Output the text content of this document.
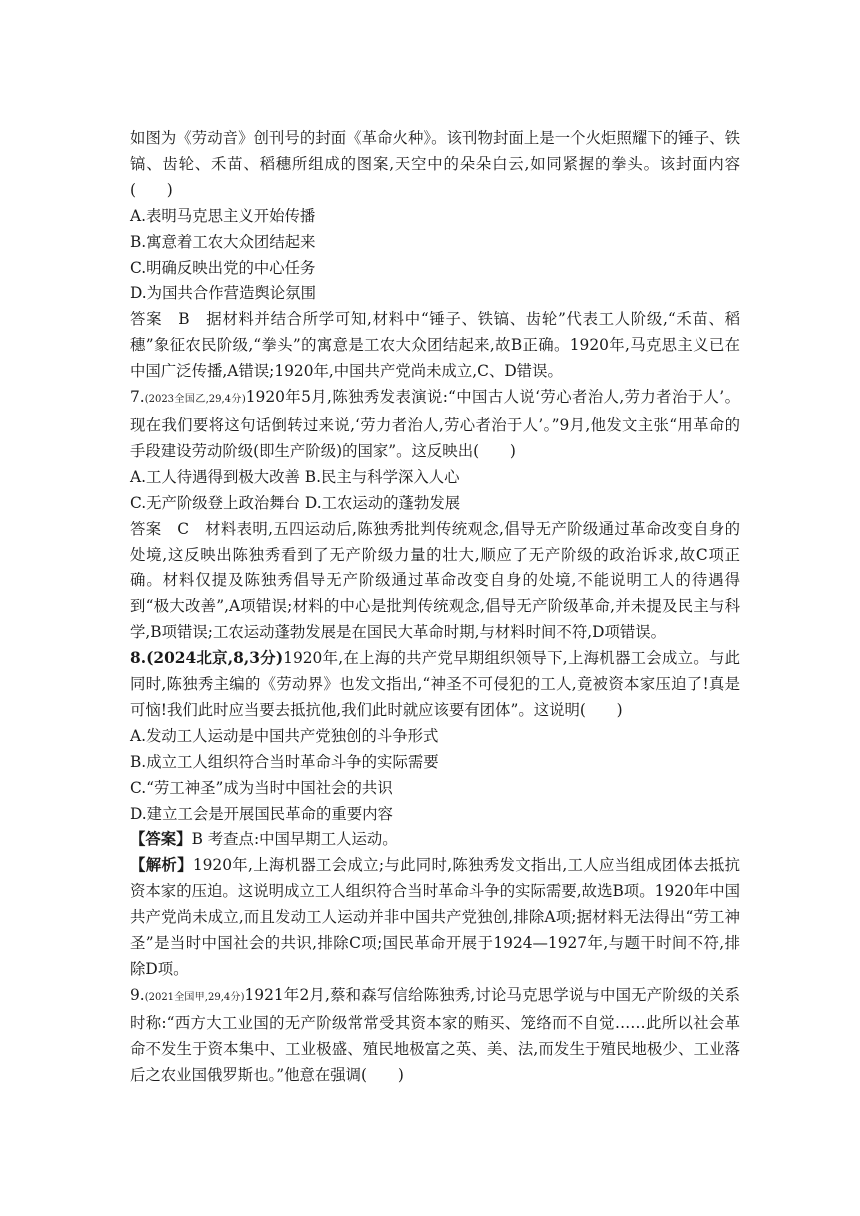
如图为《劳动音》创刊号的封面《革命火种》。该刊物封面上是一个火炬照耀下的锤子、铁镐、齿轮、禾苗、稻穗所组成的图案,天空中的朵朵白云,如同紧握的拳头。该封面内容(　　)

A.表明马克思主义开始传播

B.寓意着工农大众团结起来

C.明确反映出党的中心任务

D.为国共合作营造舆论氛围

答案　B　据材料并结合所学可知,材料中“锤子、铁镐、齿轮”代表工人阶级,“禾苗、稻穗”象征农民阶级,“拳头”的寓意是工农大众团结起来,故B正确。1920年,马克思主义已在中国广泛传播,A错误;1920年,中国共产党尚未成立,C、D错误。

7.(2023全国乙,29,4分)1920年5月,陈独秀发表演说:“中国古人说‘劳心者治人,劳力者治于人’。现在我们要将这句话倒转过来说,‘劳力者治人,劳心者治于人’。”9月,他发文主张“用革命的手段建设劳动阶级(即生产阶级)的国家”。这反映出(　　)

A.工人待遇得到极大改善 B.民主与科学深入人心

C.无产阶级登上政治舞台 D.工农运动的蓬勃发展

答案　C　材料表明,五四运动后,陈独秀批判传统观念,倡导无产阶级通过革命改变自身的处境,这反映出陈独秀看到了无产阶级力量的壮大,顺应了无产阶级的政治诉求,故C项正确。材料仅提及陈独秀倡导无产阶级通过革命改变自身的处境,不能说明工人的待遇得到“极大改善”,A项错误;材料的中心是批判传统观念,倡导无产阶级革命,并未提及民主与科学,B项错误;工农运动蓬勃发展是在国民大革命时期,与材料时间不符,D项错误。

8.(2024北京,8,3分)1920年,在上海的共产党早期组织领导下,上海机器工会成立。与此同时,陈独秀主编的《劳动界》也发文指出,“神圣不可侵犯的工人,竟被资本家压迫了!真是可恼!我们此时应当要去抵抗他,我们此时就应该要有团体”。这说明(　　)

A.发动工人运动是中国共产党独创的斗争形式

B.成立工人组织符合当时革命斗争的实际需要

C.“劳工神圣”成为当时中国社会的共识

D.建立工会是开展国民革命的重要内容

【答案】B 考查点:中国早期工人运动。

【解析】1920年,上海机器工会成立;与此同时,陈独秀发文指出,工人应当组成团体去抵抗资本家的压迫。这说明成立工人组织符合当时革命斗争的实际需要,故选B项。1920年中国共产党尚未成立,而且发动工人运动并非中国共产党独创,排除A项;据材料无法得出“劳工神圣”是当时中国社会的共识,排除C项;国民革命开展于1924—1927年,与题干时间不符,排除D项。

9.(2021全国甲,29,4分)1921年2月,蔡和森写信给陈独秀,讨论马克思学说与中国无产阶级的关系时称:“西方大工业国的无产阶级常常受其资本家的贿买、笼络而不自觉……此所以社会革命不发生于资本集中、工业极盛、殖民地极富之英、美、法,而发生于殖民地极少、工业落后之农业国俄罗斯也。”他意在强调(　　)
